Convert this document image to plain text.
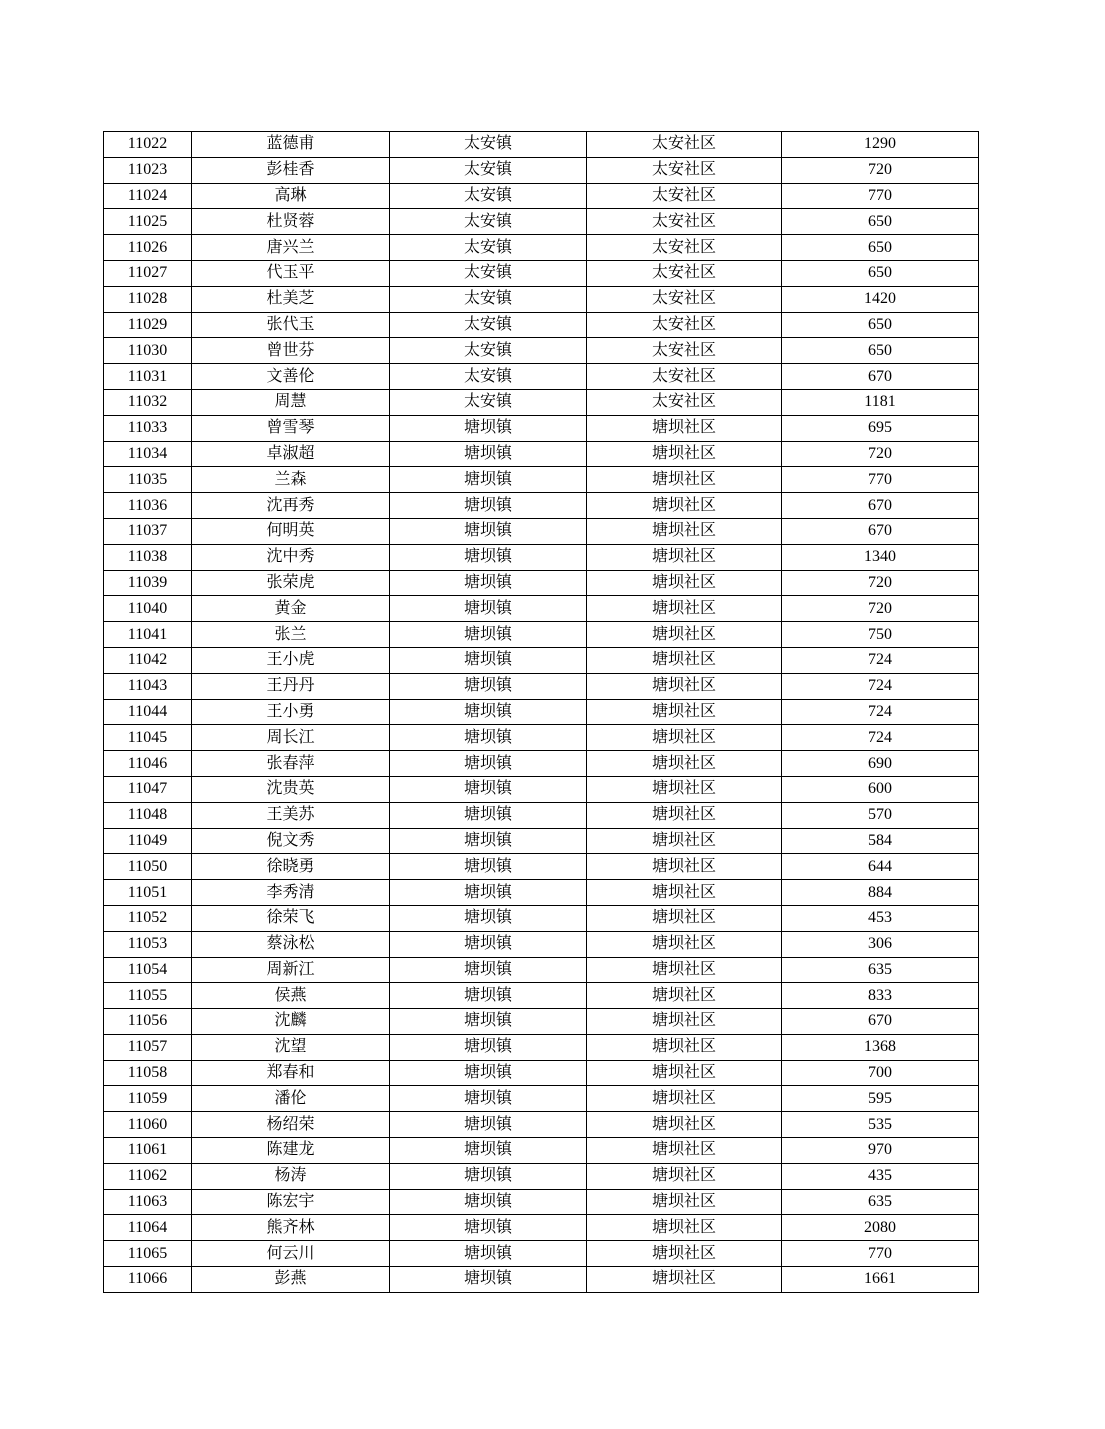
11022	蓝德甫	太安镇	太安社区	1290
11023	彭桂香	太安镇	太安社区	720
11024	高琳	太安镇	太安社区	770
11025	杜贤蓉	太安镇	太安社区	650
11026	唐兴兰	太安镇	太安社区	650
11027	代玉平	太安镇	太安社区	650
11028	杜美芝	太安镇	太安社区	1420
11029	张代玉	太安镇	太安社区	650
11030	曾世芬	太安镇	太安社区	650
11031	文善伦	太安镇	太安社区	670
11032	周慧	太安镇	太安社区	1181
11033	曾雪琴	塘坝镇	塘坝社区	695
11034	卓淑超	塘坝镇	塘坝社区	720
11035	兰森	塘坝镇	塘坝社区	770
11036	沈再秀	塘坝镇	塘坝社区	670
11037	何明英	塘坝镇	塘坝社区	670
11038	沈中秀	塘坝镇	塘坝社区	1340
11039	张荣虎	塘坝镇	塘坝社区	720
11040	黄金	塘坝镇	塘坝社区	720
11041	张兰	塘坝镇	塘坝社区	750
11042	王小虎	塘坝镇	塘坝社区	724
11043	王丹丹	塘坝镇	塘坝社区	724
11044	王小勇	塘坝镇	塘坝社区	724
11045	周长江	塘坝镇	塘坝社区	724
11046	张春萍	塘坝镇	塘坝社区	690
11047	沈贵英	塘坝镇	塘坝社区	600
11048	王美苏	塘坝镇	塘坝社区	570
11049	倪文秀	塘坝镇	塘坝社区	584
11050	徐晓勇	塘坝镇	塘坝社区	644
11051	李秀清	塘坝镇	塘坝社区	884
11052	徐荣飞	塘坝镇	塘坝社区	453
11053	蔡泳松	塘坝镇	塘坝社区	306
11054	周新江	塘坝镇	塘坝社区	635
11055	侯燕	塘坝镇	塘坝社区	833
11056	沈麟	塘坝镇	塘坝社区	670
11057	沈望	塘坝镇	塘坝社区	1368
11058	郑春和	塘坝镇	塘坝社区	700
11059	潘伦	塘坝镇	塘坝社区	595
11060	杨绍荣	塘坝镇	塘坝社区	535
11061	陈建龙	塘坝镇	塘坝社区	970
11062	杨涛	塘坝镇	塘坝社区	435
11063	陈宏宇	塘坝镇	塘坝社区	635
11064	熊齐林	塘坝镇	塘坝社区	2080
11065	何云川	塘坝镇	塘坝社区	770
11066	彭燕	塘坝镇	塘坝社区	1661
